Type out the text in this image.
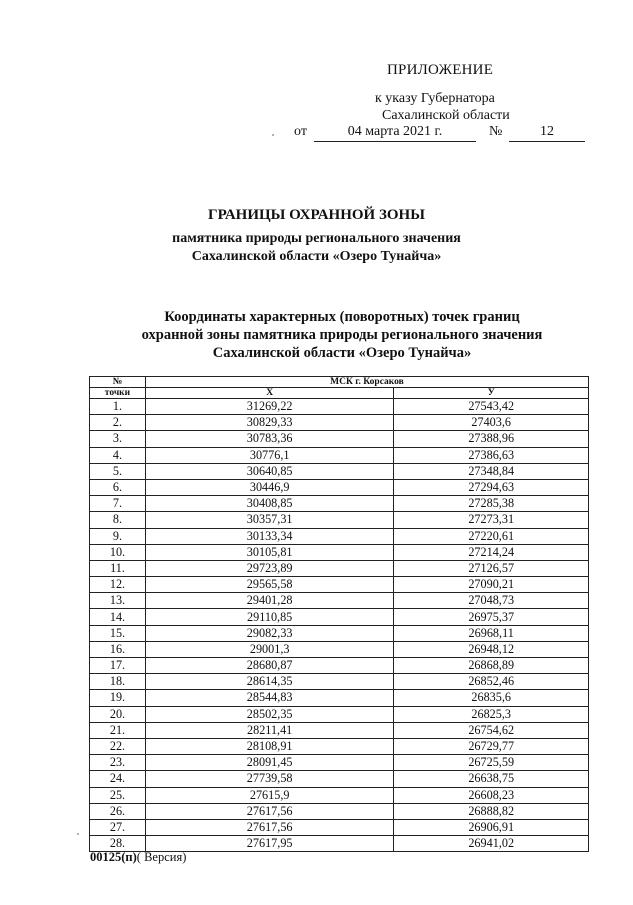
ПРИЛОЖЕНИЕ
к указу Губернатора
Сахалинской области
от	04 марта 2021 г.	№	12
ГРАНИЦЫ ОХРАННОЙ ЗОНЫ
памятника природы регионального значения
Сахалинской области «Озеро Тунайча»
Координаты характерных (поворотных) точек границ
охранной зоны памятника природы регионального значения
Сахалинской области «Озеро Тунайча»
№	МСК г. Корсаков	
точки	Х	У
1.	31269,22	27543,42
2.	30829,33	27403,6
3.	30783,36	27388,96
4.	30776,1	27386,63
5.	30640,85	27348,84
6.	30446,9	27294,63
7.	30408,85	27285,38
8.	30357,31	27273,31
9.	30133,34	27220,61
10.	30105,81	27214,24
11.	29723,89	27126,57
12.	29565,58	27090,21
13.	29401,28	27048,73
14.	29110,85	26975,37
15.	29082,33	26968,11
16.	29001,3	26948,12
17.	28680,87	26868,89
18.	28614,35	26852,46
19.	28544,83	26835,6
20.	28502,35	26825,3
21.	28211,41	26754,62
22.	28108,91	26729,77
23.	28091,45	26725,59
24.	27739,58	26638,75
25.	27615,9	26608,23
26.	27617,56	26888,82
27.	27617,56	26906,91
28.	27617,95	26941,02
00125(п)( Версия)
